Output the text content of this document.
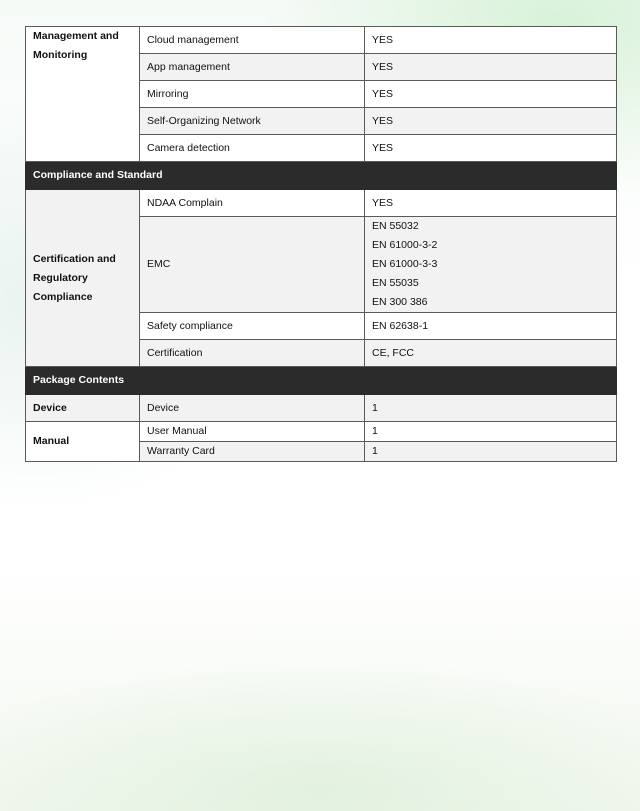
Management and Monitoring	Cloud management	YES
	App management	YES
	Mirroring	YES
	Self-Organizing Network	YES
	Camera detection	YES
Compliance and Standard		
Certification and Regulatory Compliance	NDAA Complain	YES
	EMC	EN 55032
EN 61000-3-2
EN 61000-3-3
EN 55035
EN 300 386

	Safety compliance	EN 62638-1
	Certification	CE, FCC
Package Contents		
Device	Device	1
Manual	User Manual	1
	Warranty Card	1
